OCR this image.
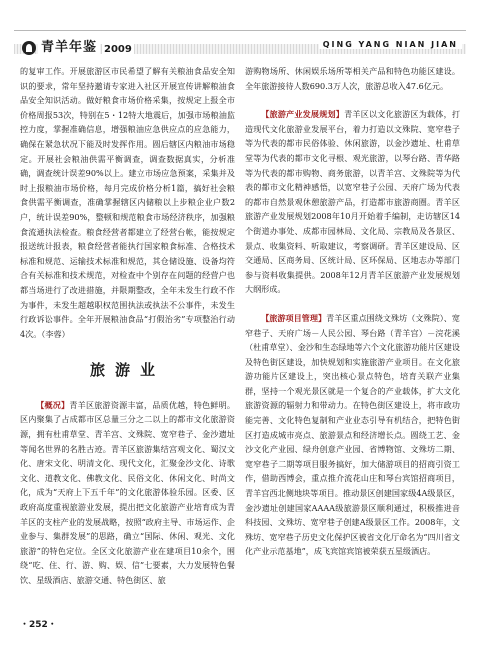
青羊年鉴 2009	QING YANG NIAN JIAN

的复审工作。开展旅游区市民希望了解有关粮油食品安全知识的要求，常年坚持邀请专家进入社区开展宣传讲解粮油食品安全知识活动。做好粮食市场价格采集，按规定上报全市价格周报53次，特别在5・12特大地震后，加强市场粮油监控力度，掌握准确信息，增强粮油应急供应点的应急能力，确保在紧急状况下能及时发挥作用。圆后辖区内粮油市场稳定。开展社会粮油供需平衡调查，调查数据真实，分析准确，调查统计误差90%以上。建立市场应急预案，采集并及时上报粮油市场价格，每月完成价格分析1篇，搞好社会粮食供需平衡调查，准确掌握辖区内储粮以上步粮企业户数2户，统计误差90%，整顿和规范粮食市场经济秩序，加强粮食流通执法检查。粮食经营者都建立了经营台帐，能按规定报送统计报表，粮食经营者能执行国家粮食标准、合格技术标准和规范、运输技术标准和规范，其仓储设施、设备均符合有关标准和技术规范，对检查中个别存在问题的经营户也都当场进行了改进措施，并限期整改，全年未发生行政不作为事件，未发生超越职权范围执法或执法不公事件，未发生行政诉讼事件。全年开展粮油食品“打假治劣”专项整治行动4次。（李蓉）

旅游业

【概况】青羊区旅游资源丰富，品质优越，特色鲜明。区内聚集了占成都市区总量三分之二以上的都市文化旅游资源，拥有杜甫草堂、青羊宫、文殊院、宽窄巷子、金沙遗址等闻名世界的名胜古迹。青羊区旅游集结宫观文化、蜀汉文化、唐宋文化、明清文化、现代文化，汇聚金沙文化、诗歌文化、道教文化、佛教文化、民俗文化、休闲文化、时尚文化，成为“天府上下五千年”的文化旅游体验乐园。区委、区政府高度重视旅游业发展，提出把文化旅游产业培育成为青羊区的支柱产业的发展战略，按照“政府主导、市场运作、企业参与、集群发展”的思路，确立“国际、休闲、观光、文化旅游”的特色定位。全区文化旅游产业在建项目10余个，围绕“吃、住、行、游、购、娱、信”七要素，大力发展特色餐饮、星级酒店、旅游交通、特色街区、旅

游购物场所、休闲娱乐场所等相关产品和特色功能区建设。全年旅游接待人数690.3万人次，旅游总收入47.6亿元。

【旅游产业发展规划】青羊区以文化旅游区为载体，打造现代文化旅游业发展平台，着力打造以文殊院、宽窄巷子等为代表的都市民俗体验、休闲旅游，以金沙遗址、杜甫草堂等为代表的都市文化寻根、观光旅游，以琴台路、青华路等为代表的都市购物、商务旅游，以青羊宫、文殊院等为代表的都市文化精神感悟，以宽窄巷子公园、天府广场为代表的都市自然景观休憩旅游产品，打造都市旅游商圈。青羊区旅游产业发展规划2008年10月开始着手编制，走访辖区14个街道办事处、成都市园林局、文化局、宗教局及各景区、景点、收集资料、听取建议，考察调研。青羊区建设局、区交通局、区商务局、区统计局、区环保局、区地志办等部门参与资料收集提供。2008年12月青羊区旅游产业发展规划大纲形成。

【旅游项目管理】青羊区重点围绕文殊坊（文殊院）、宽窄巷子、天府广场－人民公园、琴台路（青羊宫）－浣花溪（杜甫草堂）、金沙和生态绿地等六个文化旅游功能片区建设及特色街区建设，加快规划和实施旅游产业项目。在文化旅游功能片区建设上，突出核心景点特色，培育关联产业集群，坚持一个观光景区就是一个复合的产业载体，扩大文化旅游资源的辐射力和带动力。在特色街区建设上，将市政功能完善、文化特色复制和产业业态引导有机结合，把特色街区打造成城市亮点、旅游景点和经济增长点。圆绕工艺、金沙文化产业园、绿舟创意产业园、省博物馆、文殊坊二期、宽窄巷子二期等项目服务搞好，加大储游项目的招商引资工作，借助西博会，重点推介流花山庄和琴台宾馆招商项目，青羊宫西北侧地块等项目。推动景区创建国家级4A级景区，金沙遗址创建国家AAAA级旅游景区顺利通过，积极推进音科技园、文殊坊、宽窄巷子创建A级景区工作。2008年，文殊坊、宽窄巷子历史文化保护区被省文化厅命名为“四川省文化产业示范基地”，成飞宾馆宾馆被荣获五星级酒店。

・252・
